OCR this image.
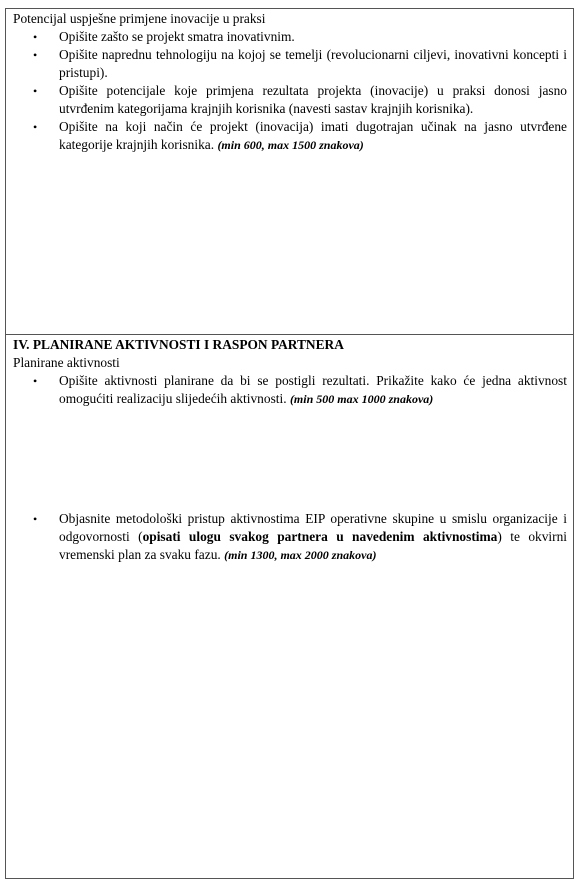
Potencijal uspješne primjene inovacije u praksi

• Opišite zašto se projekt smatra inovativnim.
• Opišite naprednu tehnologiju na kojoj se temelji (revolucionarni ciljevi, inovativni koncepti i pristupi).
• Opišite potencijale koje primjena rezultata projekta (inovacije) u praksi donosi jasno utvrđenim kategorijama krajnjih korisnika (navesti sastav krajnjih korisnika).
• Opišite na koji način će projekt (inovacija) imati dugotrajan učinak na jasno utvrđene kategorije krajnjih korisnika. (min 600, max 1500 znakova)

IV. PLANIRANE AKTIVNOSTI I RASPON PARTNERA

Planirane aktivnosti

• Opišite aktivnosti planirane da bi se postigli rezultati. Prikažite kako će jedna aktivnost omogućiti realizaciju slijedećih aktivnosti. (min 500 max 1000 znakova)
• Objasnite metodološki pristup aktivnostima EIP operativne skupine u smislu organizacije i odgovornosti (opisati ulogu svakog partnera u navedenim aktivnostima) te okvirni vremenski plan za svaku fazu. (min 1300, max 2000 znakova)
